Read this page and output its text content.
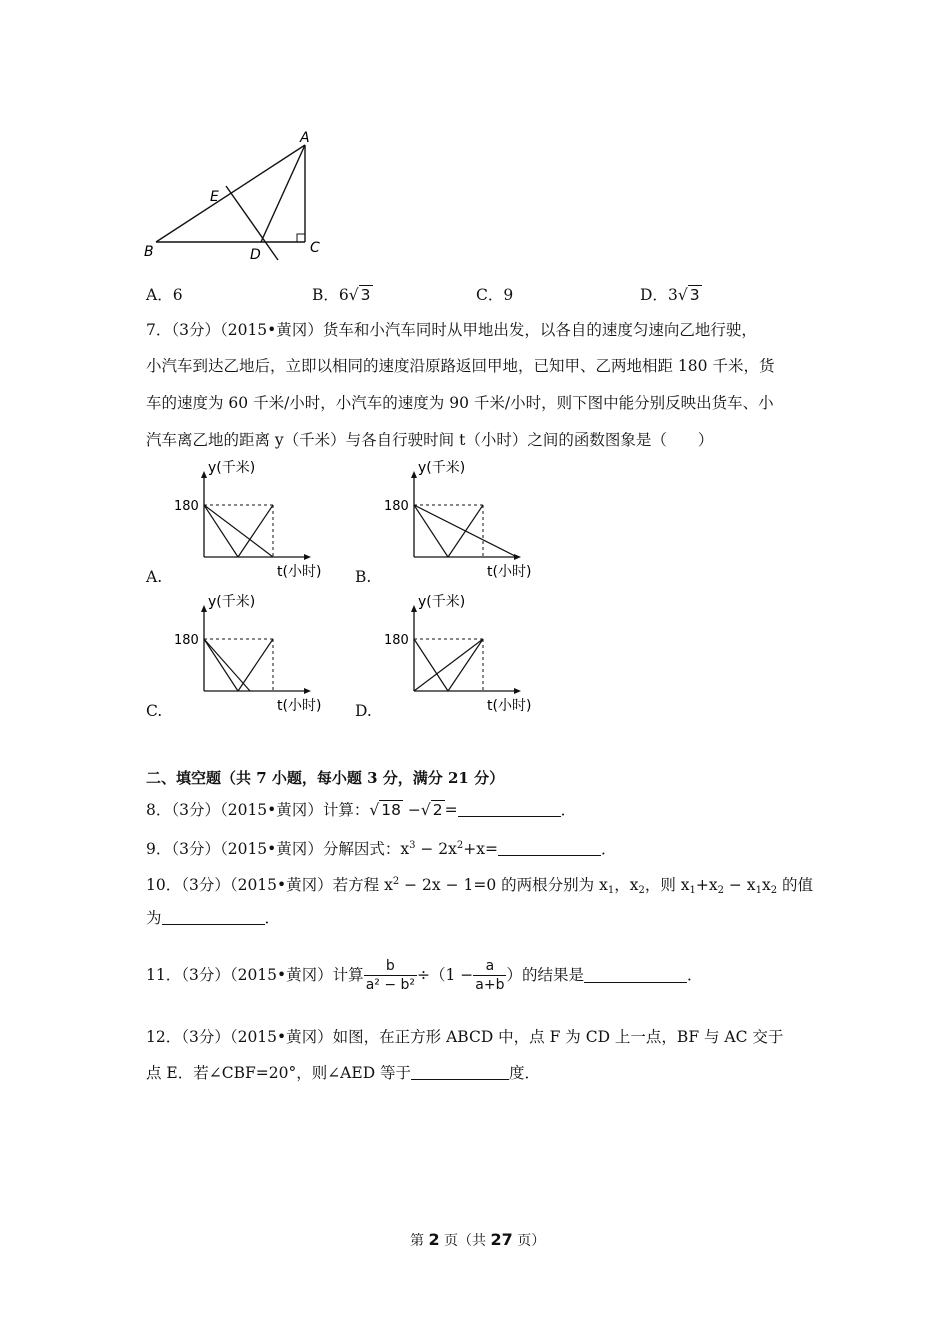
A
E
B	D	C
A．6	B．6√ 3	C．9	D．3√ 3
7．（3分）（2015•黄冈）货车和小汽车同时从甲地出发，以各自的速度匀速向乙地行驶，
小汽车到达乙地后，立即以相同的速度沿原路返回甲地，已知甲、乙两地相距 180 千米，货
车的速度为 60 千米/小时，小汽车的速度为 90 千米/小时，则下图中能分别反映出货车、小
汽车离乙地的距离 y（千米）与各自行驶时间 t（小时）之间的函数图象是（　　）
y(千米)
180
t(小时)
A.
y(千米)
180
t(小时)
B.
y(千米)
180
t(小时)
C.
y(千米)
180
t(小时)
D.
二、填空题（共 7 小题，每小题 3 分，满分 21 分）
8．（3分）（2015•黄冈）计算：√ 18 −√ 2 =	．
9．（3分）（2015•黄冈）分解因式：$x^3 - 2x^2+x=$	．
10．（3分）（2015•黄冈）若方程 $x^2 - 2x - 1=0$ 的两根分别为 $x_1$，$x_2$，则 $x_1+x_2 - x_1x_2$ 的值
为	．
11．（3分）（2015•黄冈）计算 $\frac{b}{\text{a² − b²}} \div(1 - \frac{a}{a+b}$ ）的结果是	．
12．（3分）（2015•黄冈）如图，在正方形 ABCD 中，点 F 为 CD 上一点，BF 与 AC 交于
点 E．若∠CBF=20°，则∠AED 等于	度．
第 2 页（共 27 页）
